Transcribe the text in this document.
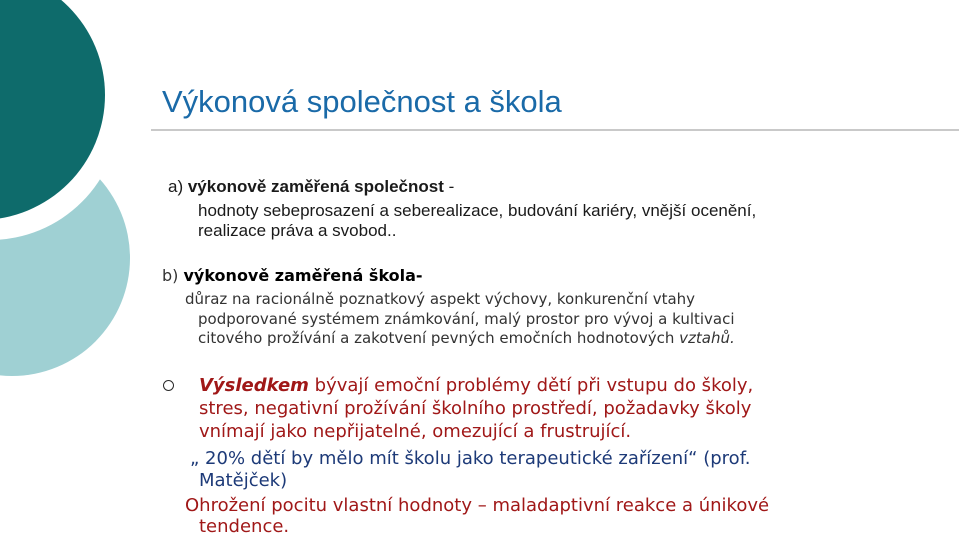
Výkonová společnost a škola
a) výkonově zaměřená společnost -
hodnoty sebeprosazení a seberealizace, budování kariéry, vnější ocenění,
realizace práva a svobod..
b) výkonově zaměřená škola-
důraz na racionálně poznatkový aspekt výchovy, konkurenční vtahy
podporované systémem známkování, malý prostor pro vývoj a kultivaci
citového prožívání a zakotvení pevných emočních hodnotových vztahů.
Výsledkem bývají emoční problémy dětí při vstupu do školy,
stres, negativní prožívání školního prostředí, požadavky školy
vnímají jako nepřijatelné, omezující a frustrující.
„ 20% dětí by mělo mít školu jako terapeutické zařízení“ (prof.
Matějček)
Ohrožení pocitu vlastní hodnoty – maladaptivní reakce a únikové
tendence.
